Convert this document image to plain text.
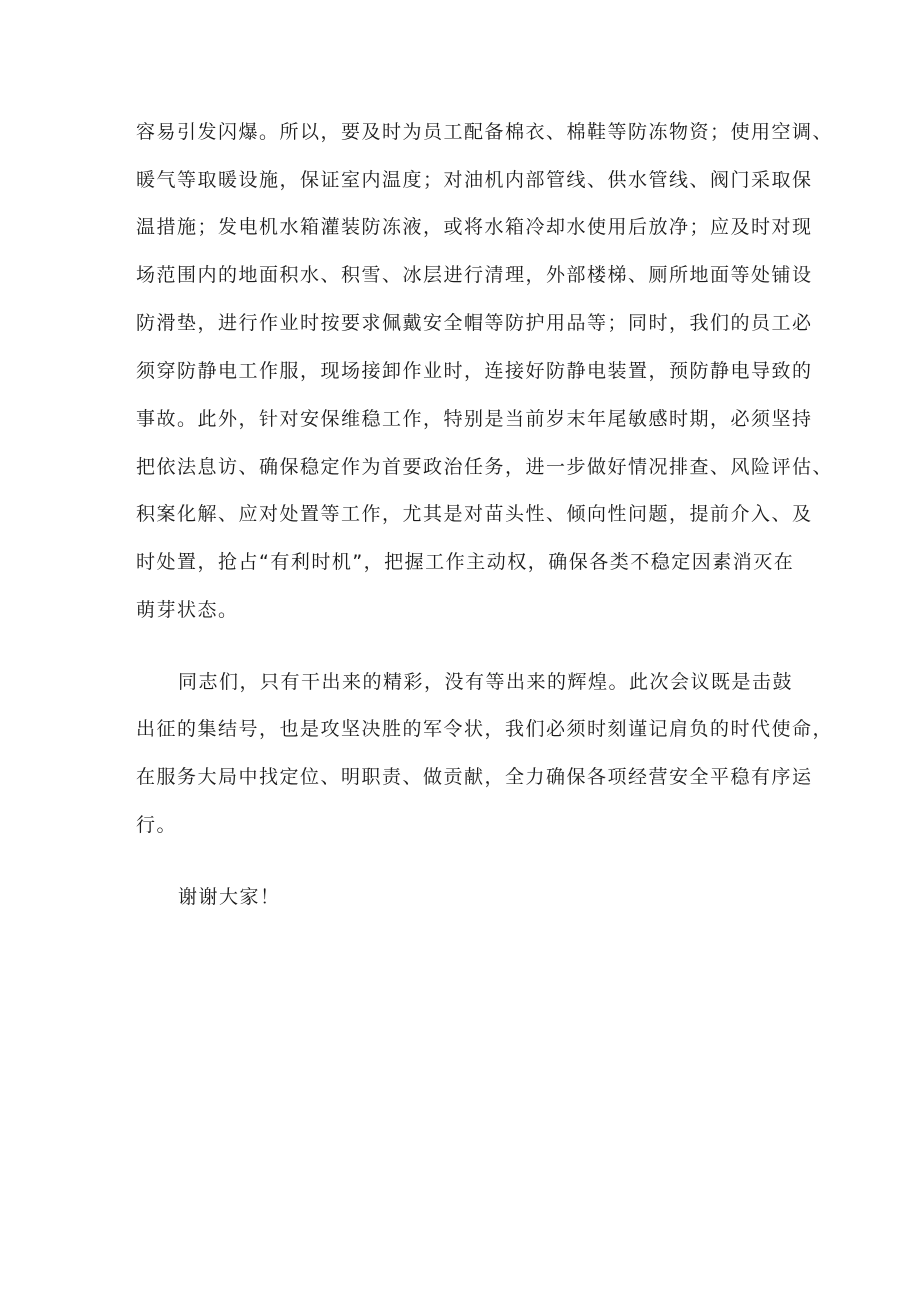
容易引发闪爆。所以，要及时为员工配备棉衣、棉鞋等防冻物资；使用空调、
暖气等取暖设施，保证室内温度；对油机内部管线、供水管线、阀门采取保
温措施；发电机水箱灌装防冻液，或将水箱冷却水使用后放净；应及时对现
场范围内的地面积水、积雪、冰层进行清理，外部楼梯、厕所地面等处铺设
防滑垫，进行作业时按要求佩戴安全帽等防护用品等；同时，我们的员工必
须穿防静电工作服，现场接卸作业时，连接好防静电装置，预防静电导致的
事故。此外，针对安保维稳工作，特别是当前岁末年尾敏感时期，必须坚持
把依法息访、确保稳定作为首要政治任务，进一步做好情况排查、风险评估、
积案化解、应对处置等工作，尤其是对苗头性、倾向性问题，提前介入、及
时处置，抢占“有利时机”，把握工作主动权，确保各类不稳定因素消灭在
萌芽状态。
同志们，只有干出来的精彩，没有等出来的辉煌。此次会议既是击鼓
出征的集结号，也是攻坚决胜的军令状，我们必须时刻谨记肩负的时代使命，
在服务大局中找定位、明职责、做贡献，全力确保各项经营安全平稳有序运
行。
谢谢大家！
